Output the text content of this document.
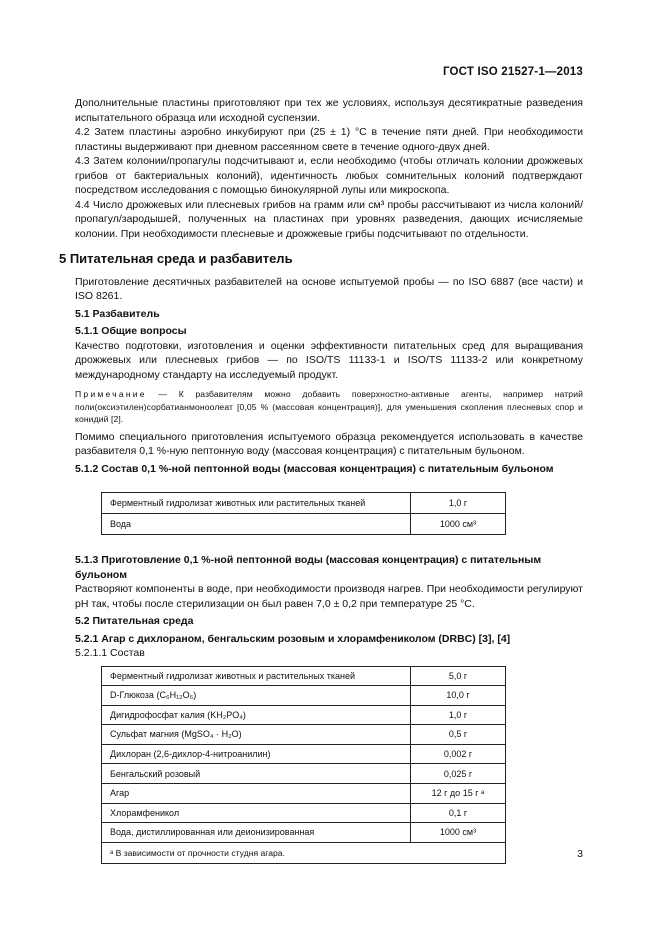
ГОСТ ISO 21527-1—2013

Дополнительные пластины приготовляют при тех же условиях, используя десятикратные разведения испытательного образца или исходной суспензии.

4.2 Затем пластины аэробно инкубируют при (25 ± 1) °С в течение пяти дней. При необходимости пластины выдерживают при дневном рассеянном свете в течение одного-двух дней.

4.3 Затем колонии/пропагулы подсчитывают и, если необходимо (чтобы отличать колонии дрожжевых грибов от бактериальных колоний), идентичность любых сомнительных колоний подтверждают посредством исследования с помощью бинокулярной лупы или микроскопа.

4.4 Число дрожжевых или плесневых грибов на грамм или см³ пробы рассчитывают из числа колоний/пропагул/зародышей, полученных на пластинах при уровнях разведения, дающих исчисляемые колонии. При необходимости плесневые и дрожжевые грибы подсчитывают по отдельности.

5 Питательная среда и разбавитель

Приготовление десятичных разбавителей на основе испытуемой пробы — по ISO 6887 (все части) и ISO 8261.

5.1 Разбавитель
5.1.1 Общие вопросы

Качество подготовки, изготовления и оценки эффективности питательных сред для выращивания дрожжевых или плесневых грибов — по ISO/TS 11133-1 и ISO/TS 11133-2 или конкретному международному стандарту на исследуемый продукт.

Примечание — К разбавителям можно добавить поверхностно-активные агенты, например натрий поли(оксиэтилен)сорбатианмоноолеат [0,05 % (массовая концентрация)], для уменьшения скопления плесневых спор и конидий [2].

Помимо специального приготовления испытуемого образца рекомендуется использовать в качестве разбавителя 0,1 %-ную пептонную воду (массовая концентрация) с питательным бульоном.

5.1.2 Состав 0,1 %-ной пептонной воды (массовая концентрация) с питательным бульоном
Ферментный гидролизат животных или растительных тканей	1,0 г
Вода	1000 см³
5.1.3 Приготовление 0,1 %-ной пептонной воды (массовая концентрация) с питательным бульоном

Растворяют компоненты в воде, при необходимости производя нагрев. При необходимости регулируют pH так, чтобы после стерилизации он был равен 7,0 ± 0,2 при температуре 25 °С.

5.2 Питательная среда
5.2.1 Агар с дихлораном, бенгальским розовым и хлорамфениколом (DRBC) [3], [4]
5.2.1.1 Состав
Ферментный гидролизат животных и растительных тканей	5,0 г
D-Глюкоза (C₆H₁₂O₆)	10,0 г
Дигидрофосфат калия (KH₂PO₄)	1,0 г
Сульфат магния (MgSO₄ · H₂O)	0,5 г
Дихлоран (2,6-дихлор-4-нитроанилин)	0,002 г
Бенгальский розовый	0,025 г
Агар	12 г до 15 г ᵃ
Хлорамфеникол	0,1 г
Вода, дистиллированная или деионизированная	1000 см³
ᵃ В зависимости от прочности студня агара.		3
